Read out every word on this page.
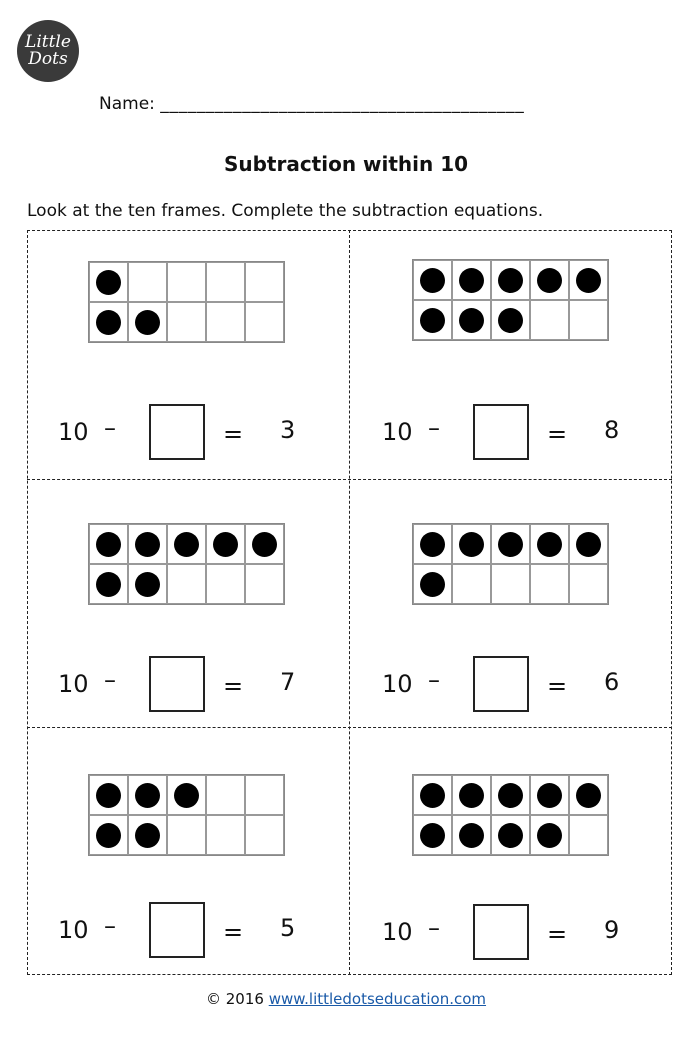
Little
Dots
Name: ________________________________________
Subtraction within 10
Look at the ten frames. Complete the subtraction equations.
10 –	= 3	10 –	= 8
10 –	= 7	10 –	= 6
10 –	= 5	10 –	= 9
© 2016 www.littledotseducation.com
